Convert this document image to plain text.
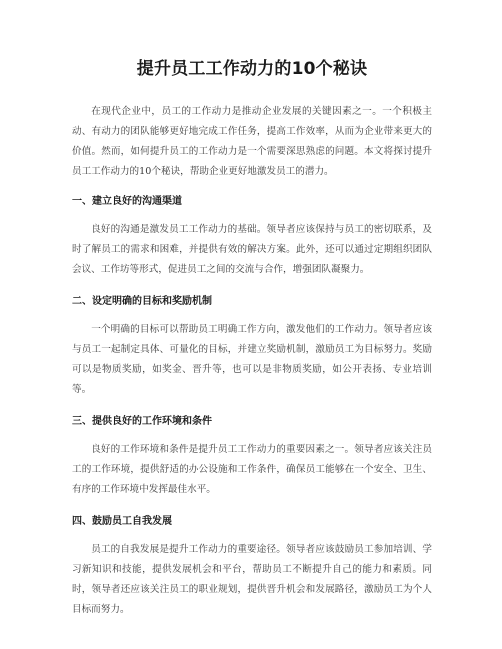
提升员工工作动力的10个秘诀

在现代企业中，员工的工作动力是推动企业发展的关键因素之一。一个积极主动、有动力的团队能够更好地完成工作任务，提高工作效率，从而为企业带来更大的价值。然而，如何提升员工的工作动力是一个需要深思熟虑的问题。本文将探讨提升员工工作动力的10个秘诀，帮助企业更好地激发员工的潜力。

一、建立良好的沟通渠道

良好的沟通是激发员工工作动力的基础。领导者应该保持与员工的密切联系，及时了解员工的需求和困难，并提供有效的解决方案。此外，还可以通过定期组织团队会议、工作坊等形式，促进员工之间的交流与合作，增强团队凝聚力。

二、设定明确的目标和奖励机制

一个明确的目标可以帮助员工明确工作方向，激发他们的工作动力。领导者应该与员工一起制定具体、可量化的目标，并建立奖励机制，激励员工为目标努力。奖励可以是物质奖励，如奖金、晋升等，也可以是非物质奖励，如公开表扬、专业培训等。

三、提供良好的工作环境和条件

良好的工作环境和条件是提升员工工作动力的重要因素之一。领导者应该关注员工的工作环境，提供舒适的办公设施和工作条件，确保员工能够在一个安全、卫生、有序的工作环境中发挥最佳水平。

四、鼓励员工自我发展

员工的自我发展是提升工作动力的重要途径。领导者应该鼓励员工参加培训、学习新知识和技能，提供发展机会和平台，帮助员工不断提升自己的能力和素质。同时，领导者还应该关注员工的职业规划，提供晋升机会和发展路径，激励员工为个人目标而努力。
